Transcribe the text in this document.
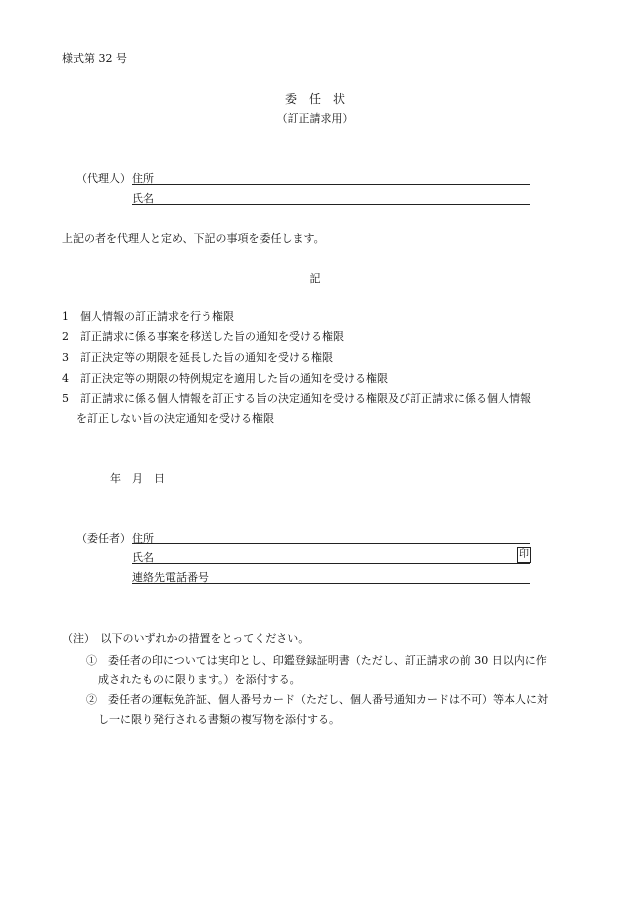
様式第 32 号
委　任　状
（訂正請求用）
（代理人） 住所
氏名
上記の者を代理人と定め、下記の事項を委任します。
記
1　個人情報の訂正請求を行う権限
2　訂正請求に係る事案を移送した旨の通知を受ける権限
3　訂正決定等の期限を延長した旨の通知を受ける権限
4　訂正決定等の期限の特例規定を適用した旨の通知を受ける権限
5　訂正請求に係る個人情報を訂正する旨の決定通知を受ける権限及び訂正請求に係る個人情報
を訂正しない旨の決定通知を受ける権限
年　月　日
（委任者） 住所
氏名	印
連絡先電話番号
（注）　以下のいずれかの措置をとってください。
①　委任者の印については実印とし、印鑑登録証明書（ただし、訂正請求の前 30 日以内に作
成されたものに限ります。）を添付する。
②　委任者の運転免許証、個人番号カード（ただし、個人番号通知カードは不可）等本人に対
し一に限り発行される書類の複写物を添付する。
